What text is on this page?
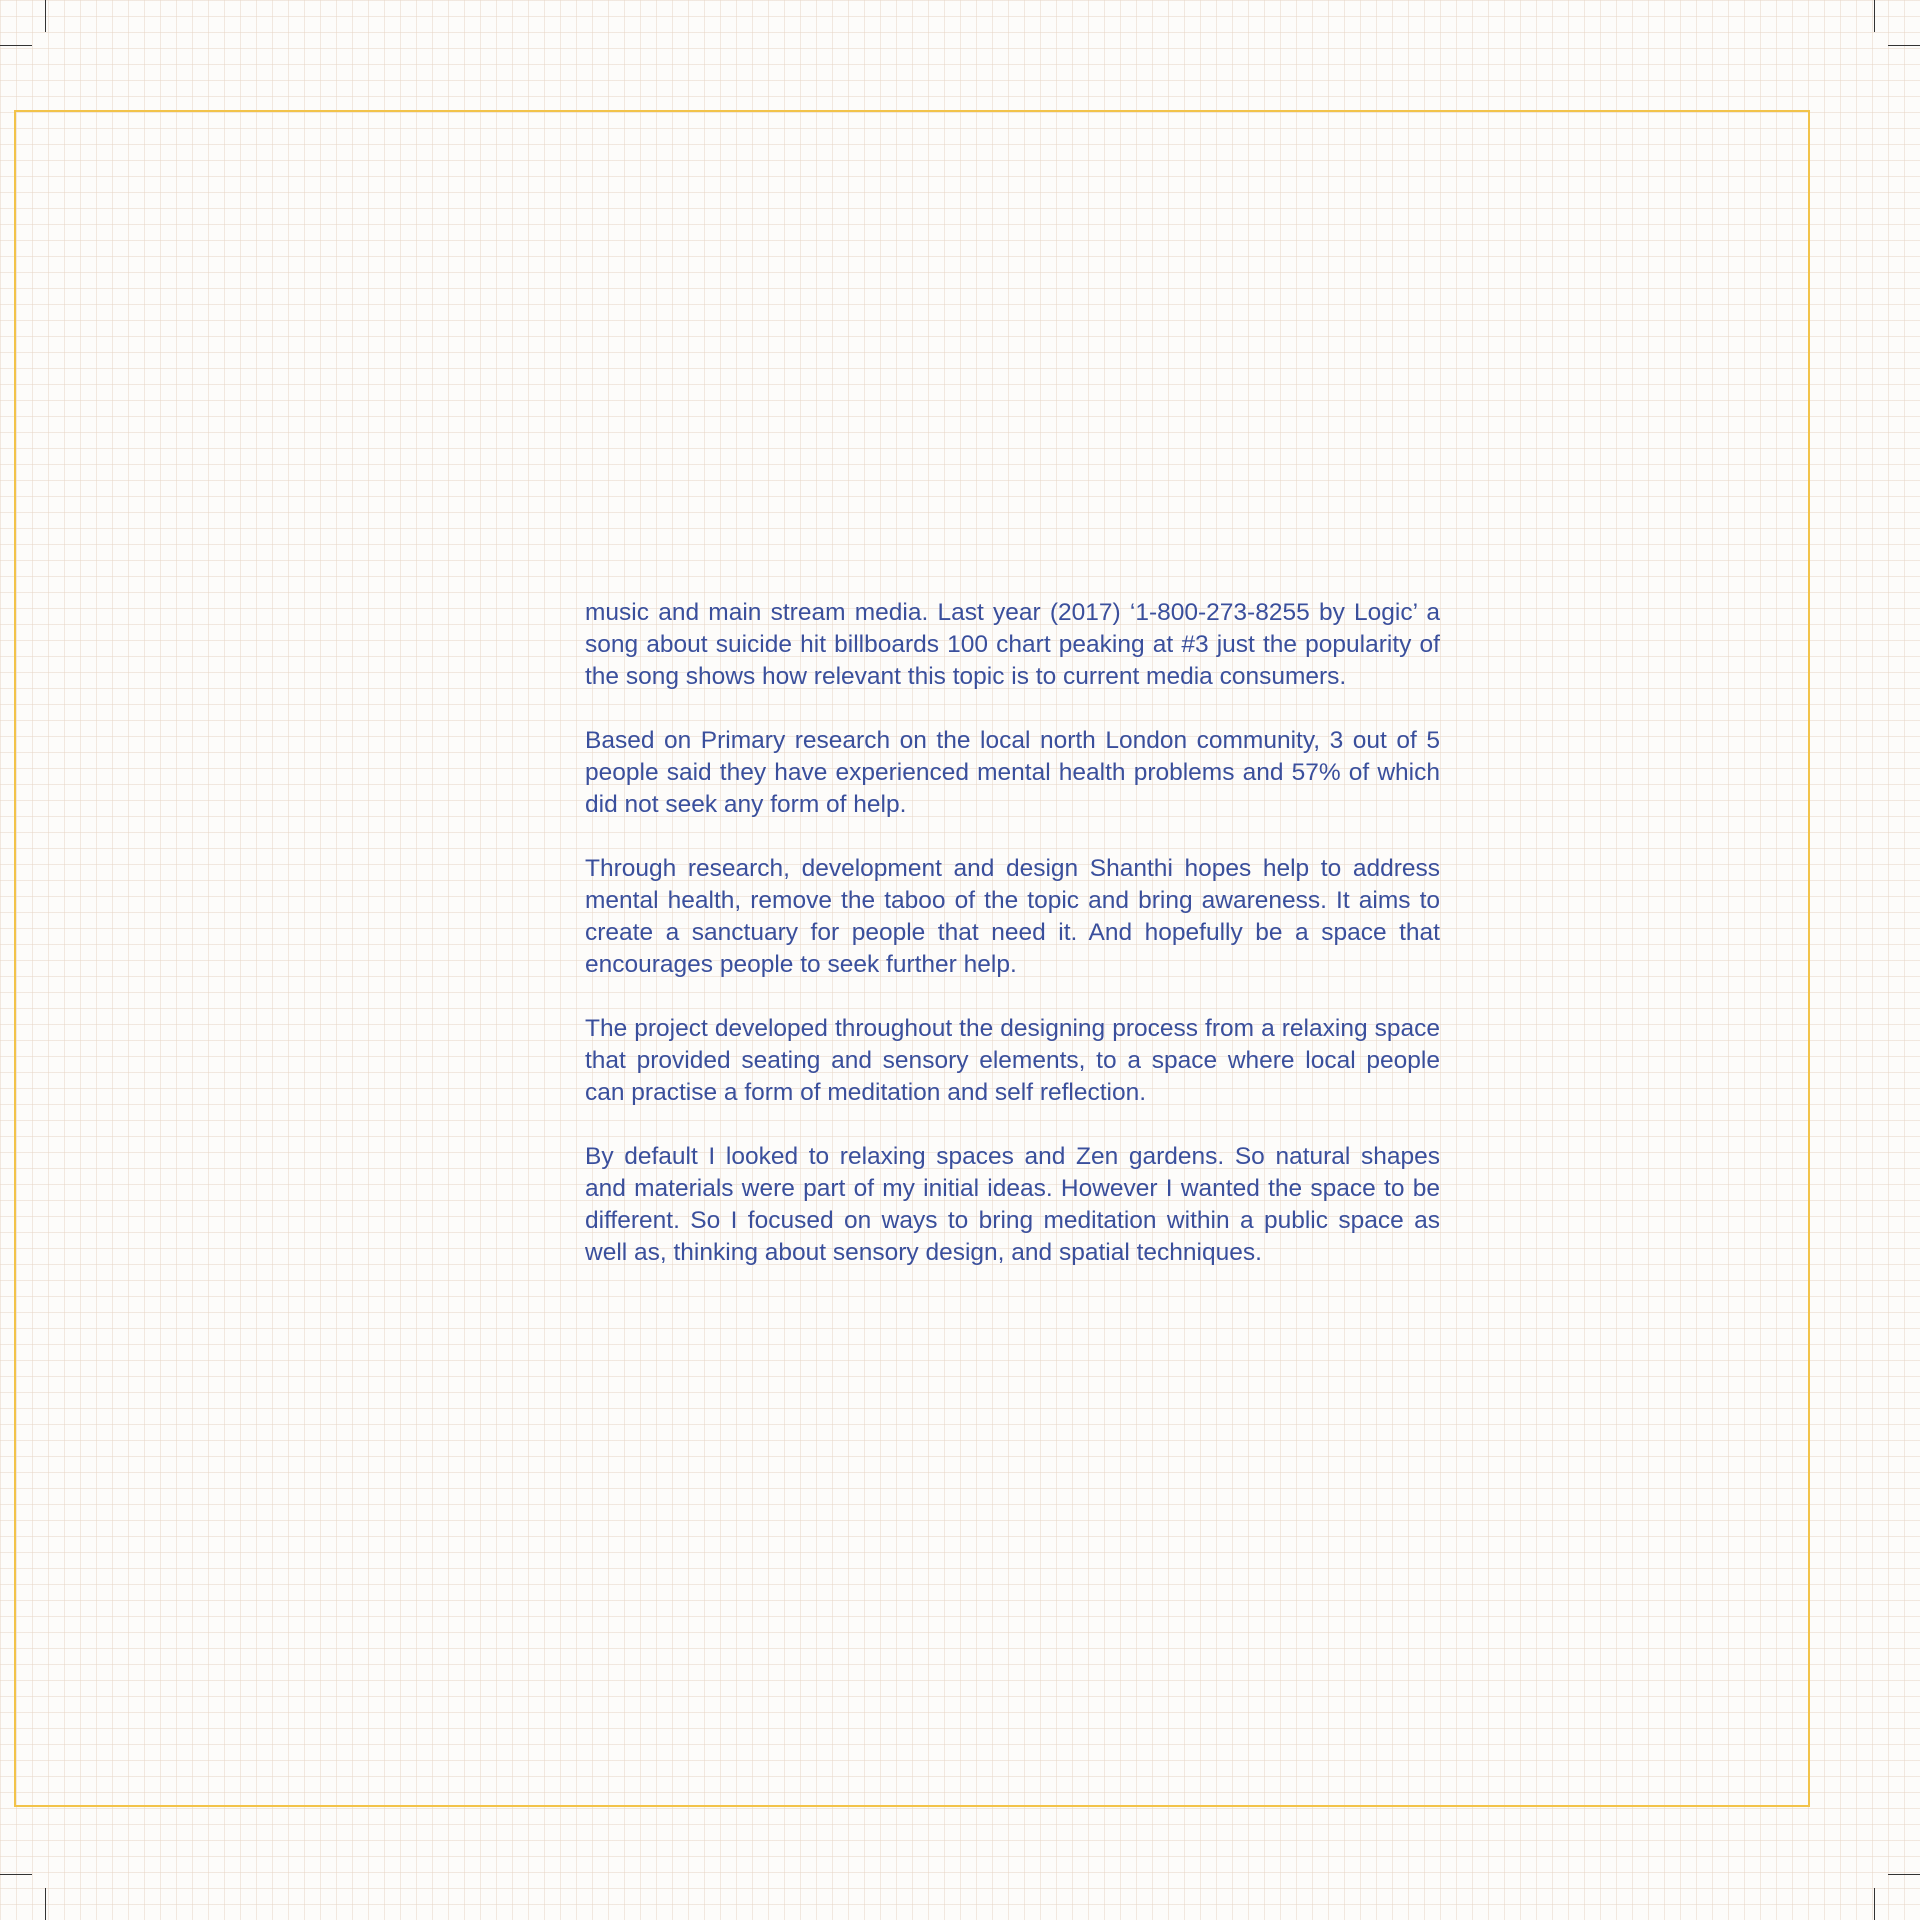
music and main stream media. Last year (2017) ‘1-800-273-8255 by Logic’ a song about suicide hit billboards 100 chart peaking at #3 just the popularity of the song shows how relevant this topic is to current media consumers.

Based on Primary research on the local north London community, 3 out of 5 people said they have experienced mental health problems and 57% of which did not seek any form of help.

Through research, development and design Shanthi hopes help to address mental health, remove the taboo of the topic and bring awareness. It aims to create a sanctuary for people that need it. And hopefully be a space that encourages people to seek further help.

The project developed throughout the designing process from a relaxing space that provided seating and sensory elements, to a space where local people can practise a form of meditation and self reflection.

By default I looked to relaxing spaces and Zen gardens. So natural shapes and materials were part of my initial ideas. However I wanted the space to be different. So I focused on ways to bring meditation within a public space as well as, thinking about sensory design, and spatial techniques.
